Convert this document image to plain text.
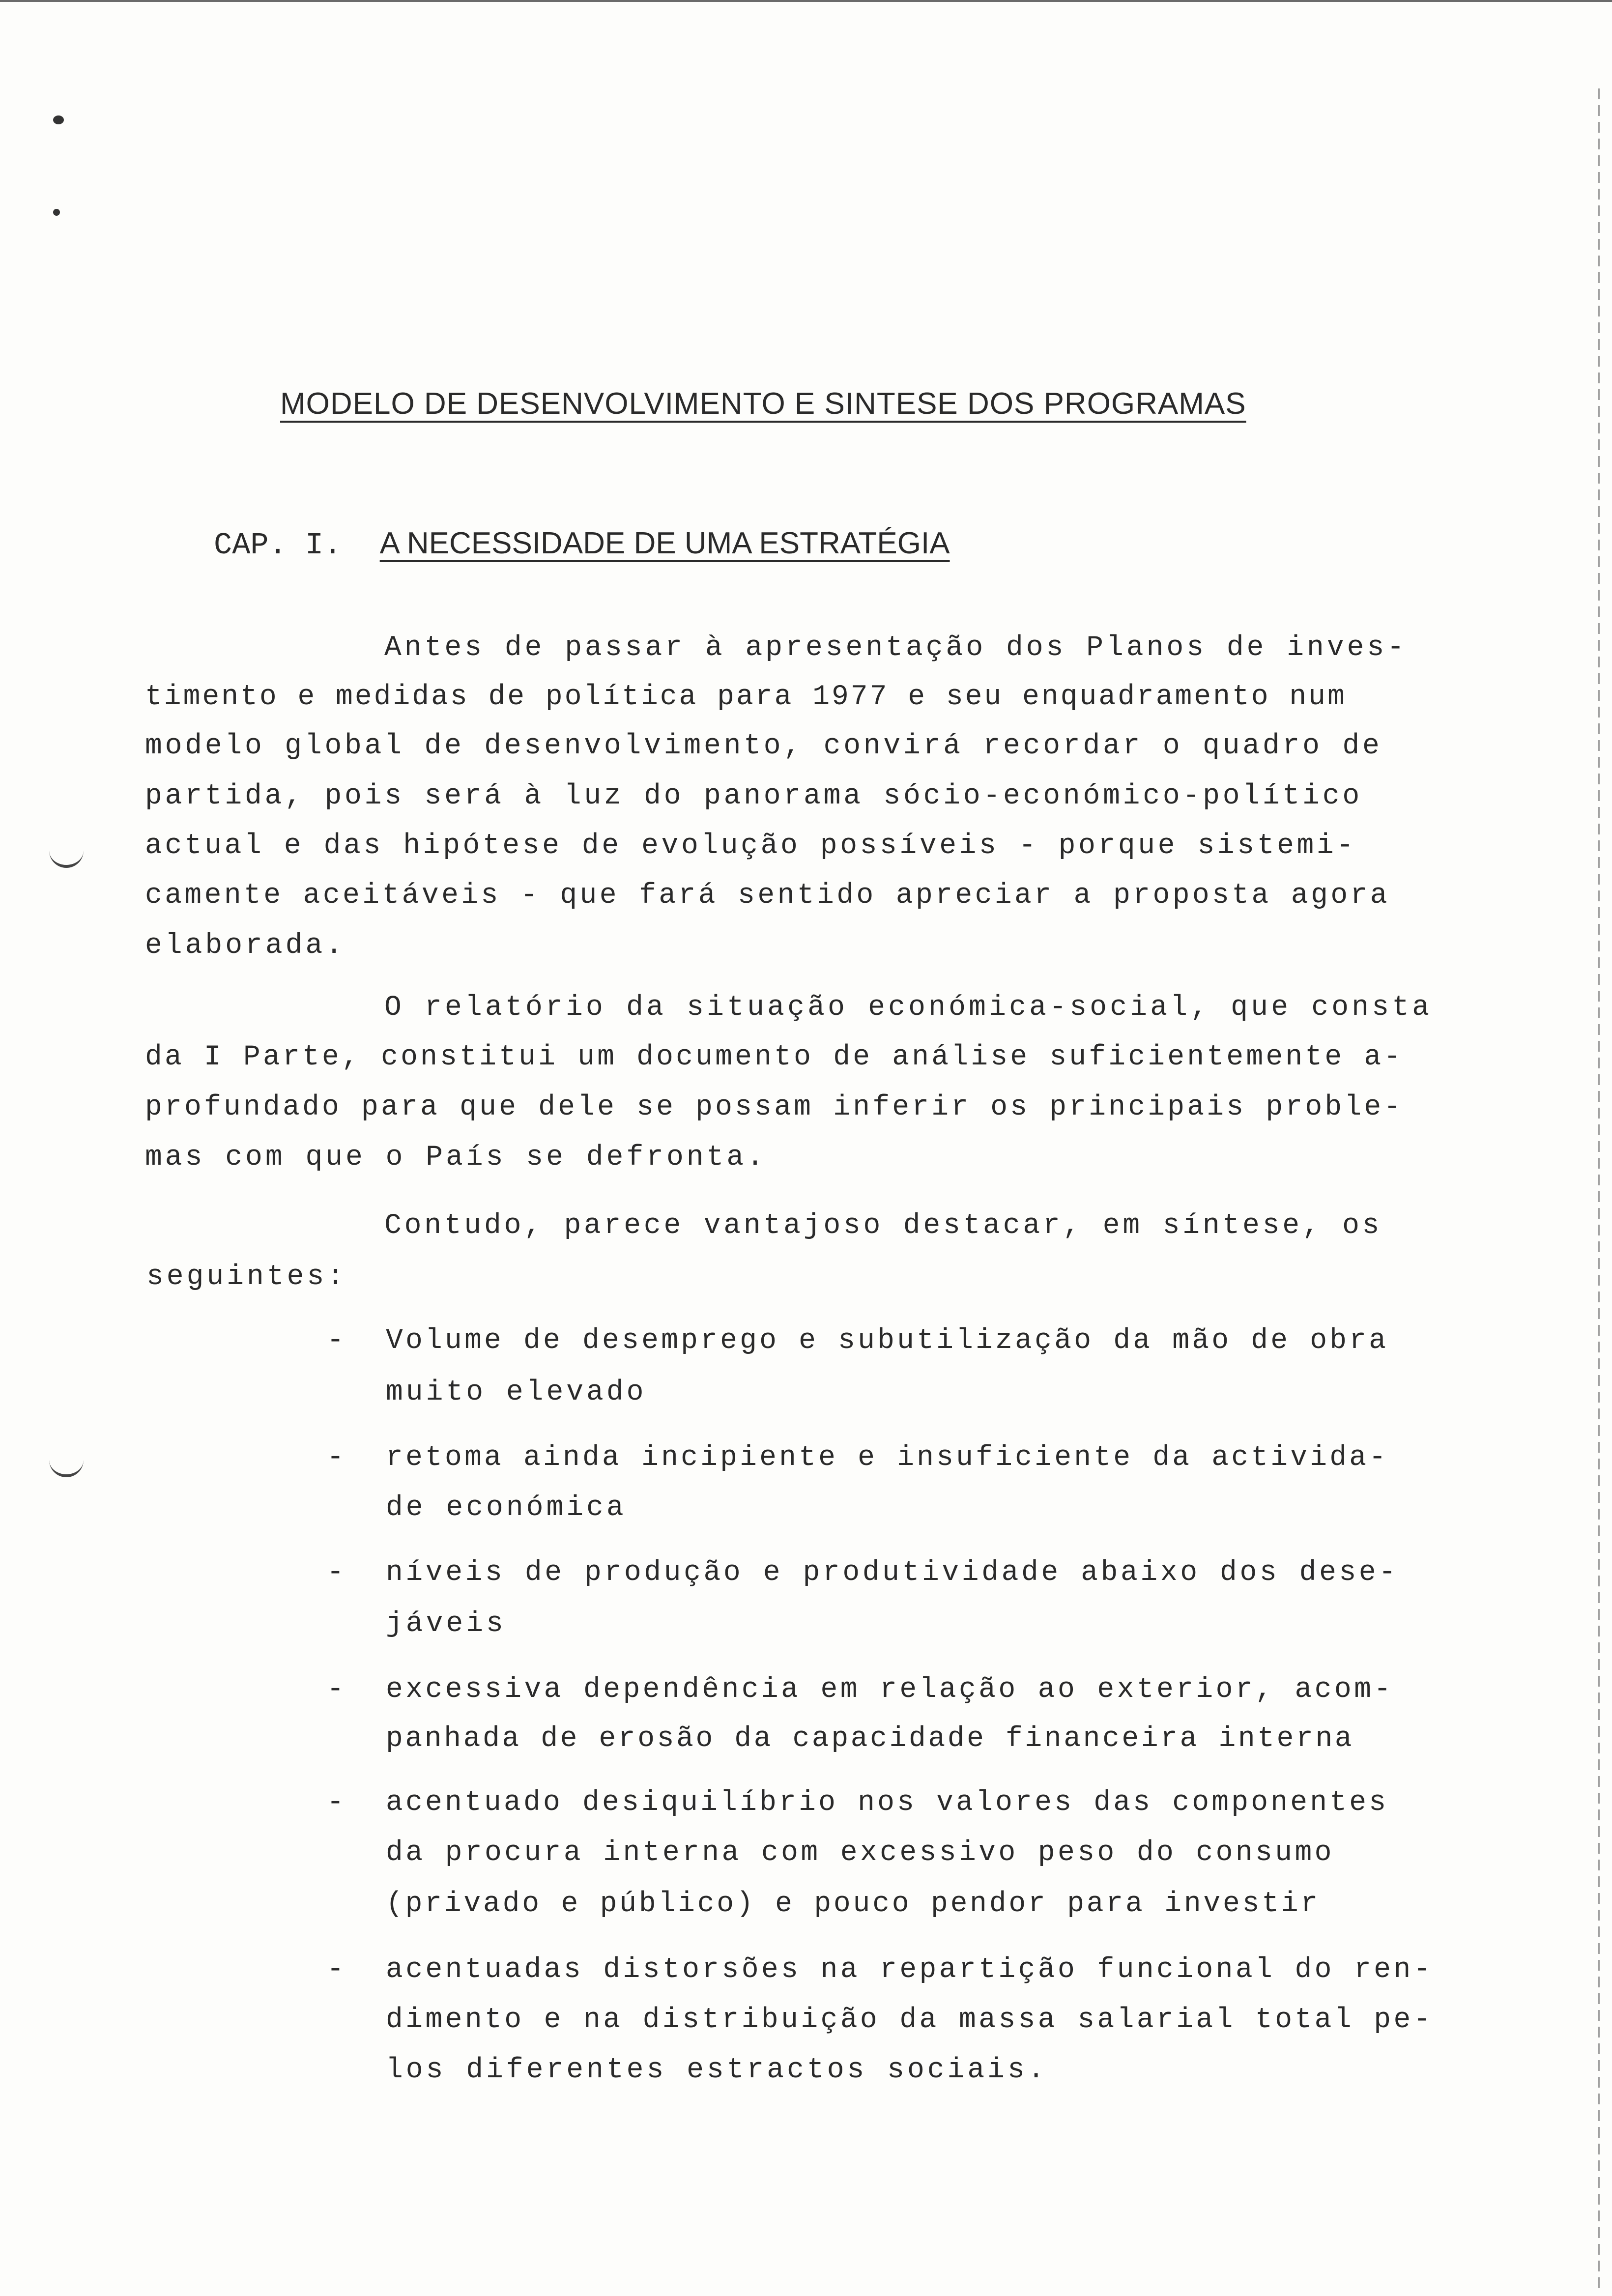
MODELO DE DESENVOLVIMENTO E SINTESE DOS PROGRAMAS
CAP. I. A NECESSIDADE DE UMA ESTRATÉGIA
Antes de passar à apresentação dos Planos de inves-
timento e medidas de política para 1977 e seu enquadramento num
modelo global de desenvolvimento, convirá recordar o quadro de
partida, pois será à luz do panorama sócio-económico-político
actual e das hipótese de evolução possíveis - porque sistemi-
camente aceitáveis - que fará sentido apreciar a proposta agora
elaborada.
O relatório da situação económica-social, que consta
da I Parte, constitui um documento de análise suficientemente a-
profundado para que dele se possam inferir os principais proble-
mas com que o País se defronta.
Contudo, parece vantajoso destacar, em síntese, os
seguintes:
- Volume de desemprego e subutilização da mão de obra
muito elevado
- retoma ainda incipiente e insuficiente da activida-
de económica
- níveis de produção e produtividade abaixo dos dese-
jáveis
- excessiva dependência em relação ao exterior, acom-
panhada de erosão da capacidade financeira interna
- acentuado desiquilíbrio nos valores das componentes
da procura interna com excessivo peso do consumo
(privado e público) e pouco pendor para investir
- acentuadas distorsões na repartição funcional do ren-
dimento e na distribuição da massa salarial total pe-
los diferentes estractos sociais.
